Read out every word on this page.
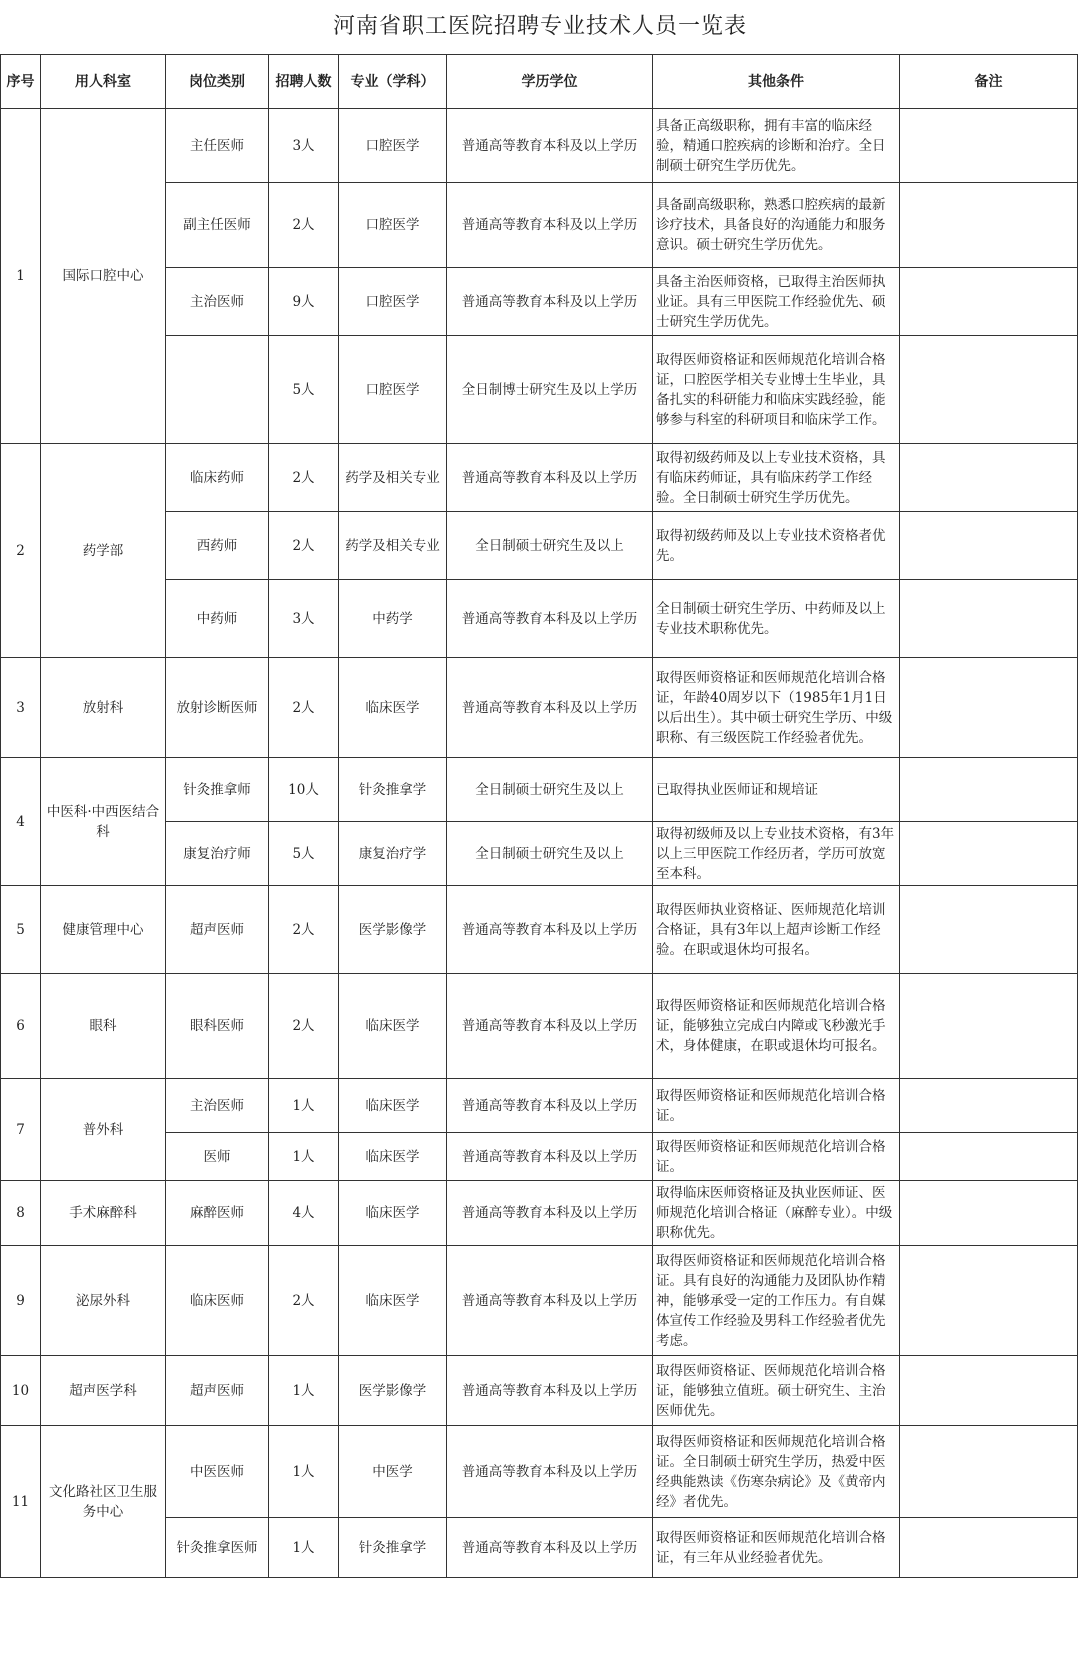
河南省职工医院招聘专业技术人员一览表
序号	用人科室	岗位类别	招聘人数	专业（学科）	学历学位	其他条件	备注
1	国际口腔中心	主任医师	3人	口腔医学	普通高等教育本科及以上学历	具备正高级职称，拥有丰富的临床经验，精通口腔疾病的诊断和治疗。全日制硕士研究生学历优先。	
		副主任医师	2人	口腔医学	普通高等教育本科及以上学历	具备副高级职称，熟悉口腔疾病的最新诊疗技术，具备良好的沟通能力和服务意识。硕士研究生学历优先。	
		主治医师	9人	口腔医学	普通高等教育本科及以上学历	具备主治医师资格，已取得主治医师执业证。具有三甲医院工作经验优先、硕士研究生学历优先。	
			5人	口腔医学	全日制博士研究生及以上学历	取得医师资格证和医师规范化培训合格证，口腔医学相关专业博士生毕业，具备扎实的科研能力和临床实践经验，能够参与科室的科研项目和临床学工作。	
2	药学部	临床药师	2人	药学及相关专业	普通高等教育本科及以上学历	取得初级药师及以上专业技术资格，具有临床药师证，具有临床药学工作经验。全日制硕士研究生学历优先。	
		西药师	2人	药学及相关专业	全日制硕士研究生及以上	取得初级药师及以上专业技术资格者优先。	
		中药师	3人	中药学	普通高等教育本科及以上学历	全日制硕士研究生学历、中药师及以上专业技术职称优先。	
3	放射科	放射诊断医师	2人	临床医学	普通高等教育本科及以上学历	取得医师资格证和医师规范化培训合格证，年龄40周岁以下（1985年1月1日以后出生）。其中硕士研究生学历、中级职称、有三级医院工作经验者优先。	
4	中医科·中西医结合科	针灸推拿师	10人	针灸推拿学	全日制硕士研究生及以上	已取得执业医师证和规培证	
		康复治疗师	5人	康复治疗学	全日制硕士研究生及以上	取得初级师及以上专业技术资格，有3年以上三甲医院工作经历者，学历可放宽至本科。	
5	健康管理中心	超声医师	2人	医学影像学	普通高等教育本科及以上学历	取得医师执业资格证、医师规范化培训合格证，具有3年以上超声诊断工作经验。在职或退休均可报名。	
6	眼科	眼科医师	2人	临床医学	普通高等教育本科及以上学历	取得医师资格证和医师规范化培训合格证，能够独立完成白内障或飞秒激光手术，身体健康，在职或退休均可报名。	
7	普外科	主治医师	1人	临床医学	普通高等教育本科及以上学历	取得医师资格证和医师规范化培训合格证。	
		医师	1人	临床医学	普通高等教育本科及以上学历	取得医师资格证和医师规范化培训合格证。	
8	手术麻醉科	麻醉医师	4人	临床医学	普通高等教育本科及以上学历	取得临床医师资格证及执业医师证、医师规范化培训合格证（麻醉专业）。中级职称优先。	
9	泌尿外科	临床医师	2人	临床医学	普通高等教育本科及以上学历	取得医师资格证和医师规范化培训合格证。具有良好的沟通能力及团队协作精神，能够承受一定的工作压力。有自媒体宣传工作经验及男科工作经验者优先考虑。	
10	超声医学科	超声医师	1人	医学影像学	普通高等教育本科及以上学历	取得医师资格证、医师规范化培训合格证，能够独立值班。硕士研究生、主治医师优先。	
11	文化路社区卫生服务中心	中医医师	1人	中医学	普通高等教育本科及以上学历	取得医师资格证和医师规范化培训合格证。全日制硕士研究生学历，热爱中医经典能熟读《伤寒杂病论》及《黄帝内经》者优先。	
		针灸推拿医师	1人	针灸推拿学	普通高等教育本科及以上学历	取得医师资格证和医师规范化培训合格证，有三年从业经验者优先。	
